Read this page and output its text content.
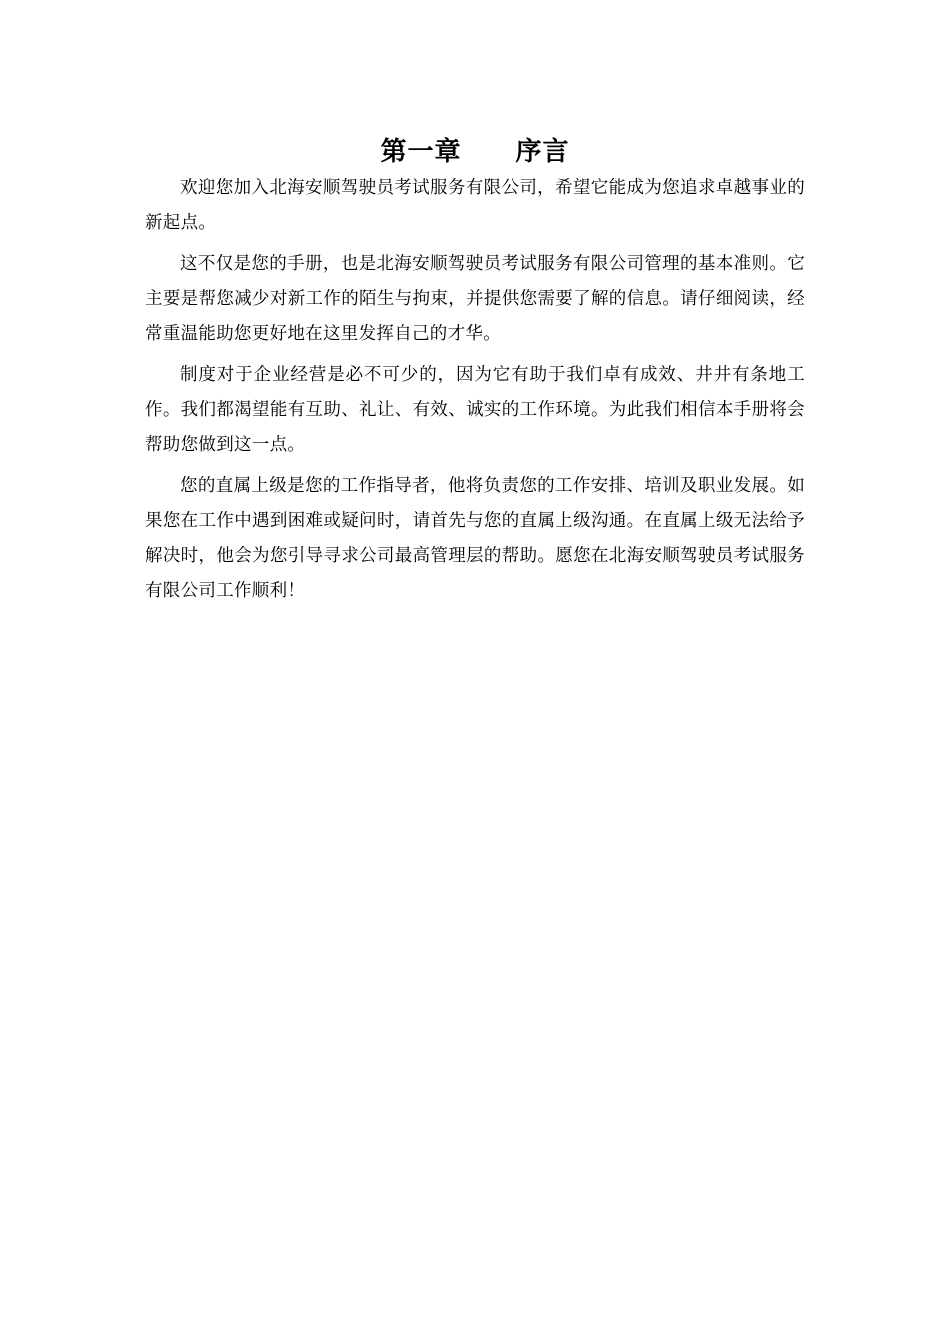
第一章　　序言

欢迎您加入北海安顺驾驶员考试服务有限公司，希望它能成为您追求卓越事业的新起点。

这不仅是您的手册，也是北海安顺驾驶员考试服务有限公司管理的基本准则。它主要是帮您减少对新工作的陌生与拘束，并提供您需要了解的信息。请仔细阅读，经常重温能助您更好地在这里发挥自己的才华。

制度对于企业经营是必不可少的，因为它有助于我们卓有成效、井井有条地工作。我们都渴望能有互助、礼让、有效、诚实的工作环境。为此我们相信本手册将会帮助您做到这一点。

您的直属上级是您的工作指导者，他将负责您的工作安排、培训及职业发展。如果您在工作中遇到困难或疑问时，请首先与您的直属上级沟通。在直属上级无法给予解决时，他会为您引导寻求公司最高管理层的帮助。愿您在北海安顺驾驶员考试服务有限公司工作顺利！
